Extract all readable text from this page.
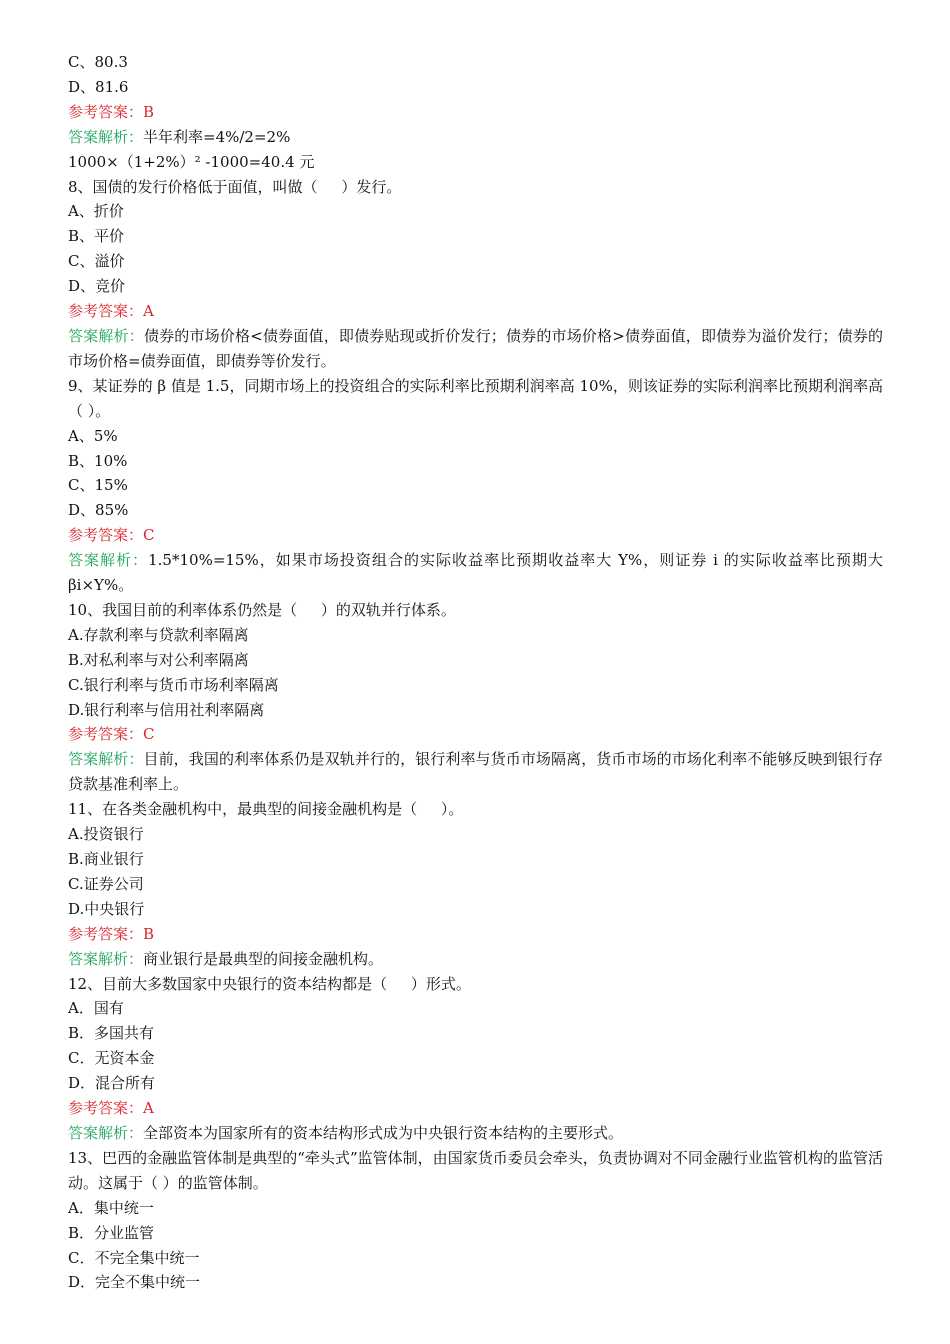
C、80.3
D、81.6
参考答案：B
答案解析：半年利率=4%/2=2%
1000×（1+2%）² -1000=40.4 元
8、国债的发行价格低于面值，叫做（     ）发行。
A、折价
B、平价
C、溢价
D、竞价
参考答案：A
答案解析：债券的市场价格<债券面值，即债券贴现或折价发行；债券的市场价格>债券面值，即债券为溢价发行；债券的市场价格=债券面值，即债券等价发行。
9、某证券的 β 值是 1.5，同期市场上的投资组合的实际利率比预期利润率高 10%，则该证券的实际利润率比预期利润率高（ ）。
A、5%
B、10%
C、15%
D、85%
参考答案：C
答案解析：1.5*10%=15%，如果市场投资组合的实际收益率比预期收益率大 Y%，则证券 i 的实际收益率比预期大 βi×Y%。
10、我国目前的利率体系仍然是（     ）的双轨并行体系。
A.存款利率与贷款利率隔离
B.对私利率与对公利率隔离
C.银行利率与货币市场利率隔离
D.银行利率与信用社利率隔离
参考答案：C
答案解析：目前，我国的利率体系仍是双轨并行的，银行利率与货币市场隔离，货币市场的市场化利率不能够反映到银行存贷款基准利率上。
11、在各类金融机构中，最典型的间接金融机构是（     ）。
A.投资银行
B.商业银行
C.证券公司
D.中央银行
参考答案：B
答案解析：商业银行是最典型的间接金融机构。
12、目前大多数国家中央银行的资本结构都是（     ）形式。
A．国有
B．多国共有
C．无资本金
D．混合所有
参考答案：A
答案解析：全部资本为国家所有的资本结构形式成为中央银行资本结构的主要形式。
13、巴西的金融监管体制是典型的“牵头式”监管体制，由国家货币委员会牵头，负责协调对不同金融行业监管机构的监管活动。这属于（ ）的监管体制。
A．集中统一
B．分业监管
C．不完全集中统一
D．完全不集中统一
